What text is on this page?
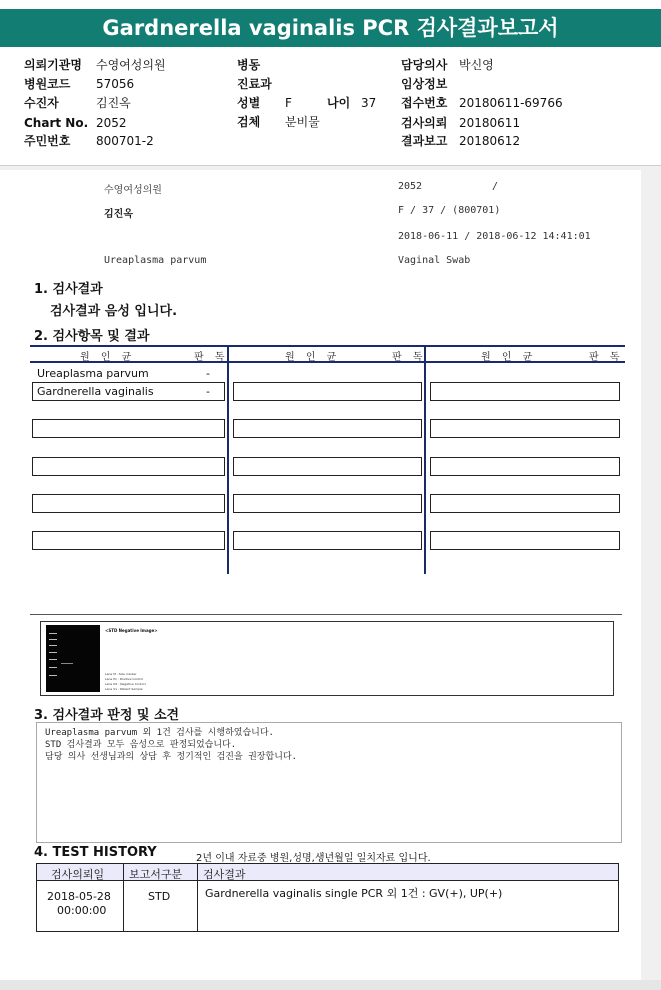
Gardnerella vaginalis PCR 검사결과보고서
의뢰기관명 수영여성의원
병원코드 57056
수진자	김진옥
Chart No. 2052
주민번호 800701-2
병동
진료과
성별 F	나이 37
검체 분비물
담당의사 박신영
임상정보
접수번호 20180611-69766
검사의뢰 20180611
결과보고 20180612
수영여성의원	2052	/
김진옥	F / 37 / (800701)
2018-06-11 / 2018-06-12 14:41:01
Ureaplasma parvum	Vaginal Swab
1. 검사결과
검사결과 음성 입니다.
2. 검사항목 및 결과
원 인 균	판 독	원 인 균	판 독	원 인 균	판 독
Ureaplasma parvum	-
Gardnerella vaginalis	-
<STD Negative Image>
Lane M : Size marker
Lane P1 : Positive Control
Lane N1 : Negative Control
Lane S1 : Patient Sample
3. 검사결과 판정 및 소견
Ureaplasma parvum 외 1건 검사를 시행하였습니다.
STD 검사결과 모두 음성으로 판정되었습니다.
담당 의사 선생님과의 상담 후 정기적인 검진을 권장합니다.
4. TEST HISTORY	2년 이내 자료중 병원,성명,생년월일 일치자료 입니다.
검사의뢰일 보고서구분 검사결과
2018-05-28
00:00:00
STD	Gardnerella vaginalis single PCR 외 1건 : GV(+), UP(+)
